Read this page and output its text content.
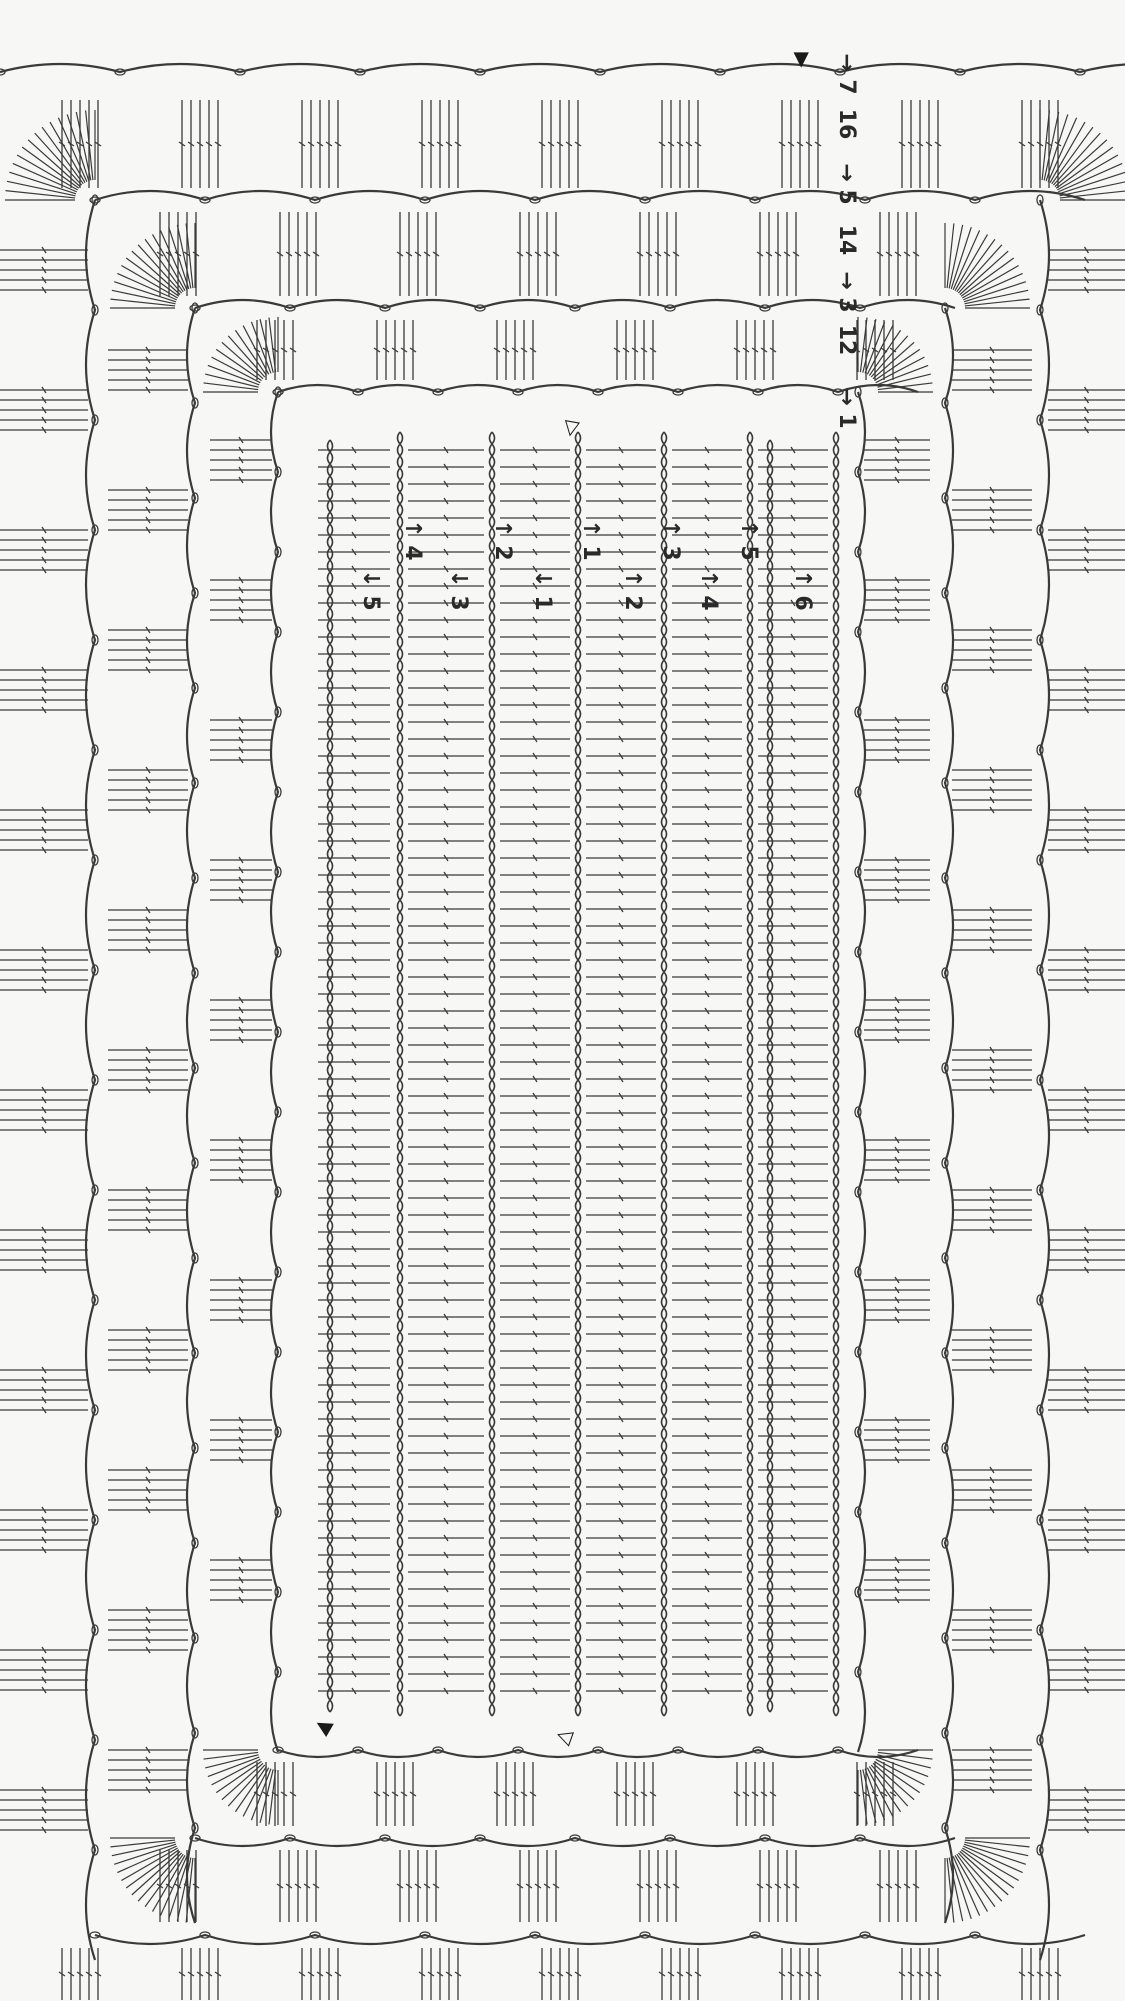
↓ 5
↑ 4
↓ 3
↑ 2
↓ 1
↑ 1
↑ 2
↑ 3
↑ 4
↑ 5
↑ 6
→ 1
12
→ 3
14
→ 5
16
→ 7
▶
▶
▷
▷
